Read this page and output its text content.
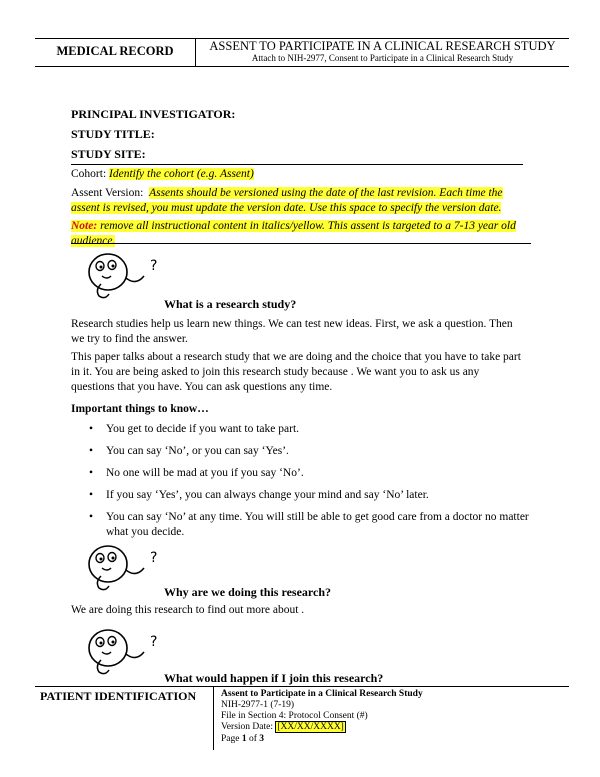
MEDICAL RECORD	ASSENT TO PARTICIPATE IN A CLINICAL RESEARCH STUDY
Attach to NIH-2977, Consent to Participate in a Clinical Research Study
PRINCIPAL INVESTIGATOR:
STUDY TITLE:
STUDY SITE:
Cohort: Identify the cohort (e.g. Assent)
Assent Version: Assents should be versioned using the date of the last revision. Each time the
assent is revised, you must update the version date. Use this space to specify the version date.
Note: remove all instructional content in italics/yellow. This assent is targeted to a 7-13 year old
audience.
?
What is a research study?
Research studies help us learn new things. We can test new ideas. First, we ask a question. Then
we try to find the answer.
This paper talks about a research study that we are doing and the choice that you have to take part
in it. You are being asked to join this research study because . We want you to ask us any
questions that you have. You can ask questions any time.
Important things to know…
• You get to decide if you want to take part.
• You can say ‘No’, or you can say ‘Yes’.
• No one will be mad at you if you say ‘No’.
• If you say ‘Yes’, you can always change your mind and say ‘No’ later.
• You can say ‘No’ at any time. You will still be able to get good care from a doctor no matter what you decide.
?
Why are we doing this research?
We are doing this research to find out more about .
?
What would happen if I join this research?
PATIENT IDENTIFICATION	Assent to Participate in a Clinical Research Study
NIH-2977-1 (7-19)
File in Section 4: Protocol Consent (#)
Version Date: [XX/XX/XXXX]
Page 1 of 3
